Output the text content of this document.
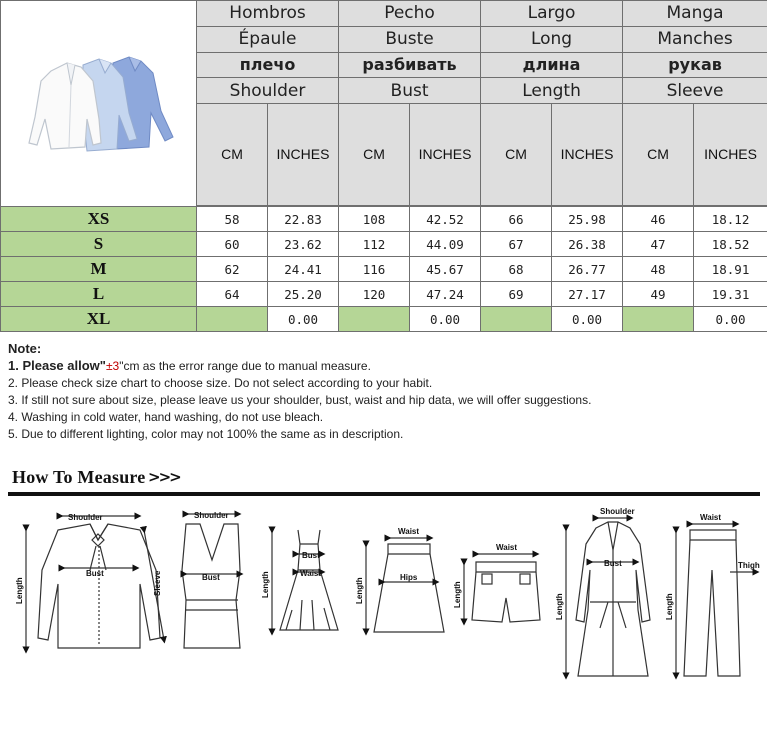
	Hombros		Pecho		Largo		Manga	
	Épaule		Buste		Long		Manches	
	плечо		разбивать		длина		рукав	
	Shoulder		Bust		Length		Sleeve	
	CM	INCHES	CM	INCHES	CM	INCHES	CM	INCHES

XS	58	22.83	108	42.52	66	25.98	46	18.12
S	60	23.62	112	44.09	67	26.38	47	18.52
M	62	24.41	116	45.67	68	26.77	48	18.91
L	64	25.20	120	47.24	69	27.17	49	19.31
XL		0.00		0.00		0.00		0.00
Note:
1. Please allow"±3"cm as the error range due to manual measure.
2. Please check size chart to choose size. Do not select according to your habit.
3. If still not sure about size, please leave us your shoulder, bust, waist and hip data, we will offer suggestions.
4. Washing in cold water, hand washing, do not use bleach.
5. Due to different lighting, color may not 100% the same as in description.
How To Measure >>>
Shoulder
Bust
Length	Sleeve
Shoulder
Bust
Bust
Waist
Length
Waist
Hips
Length
Waist
Length
Shoulder
Bust
Length
Waist
Thigh
Length
